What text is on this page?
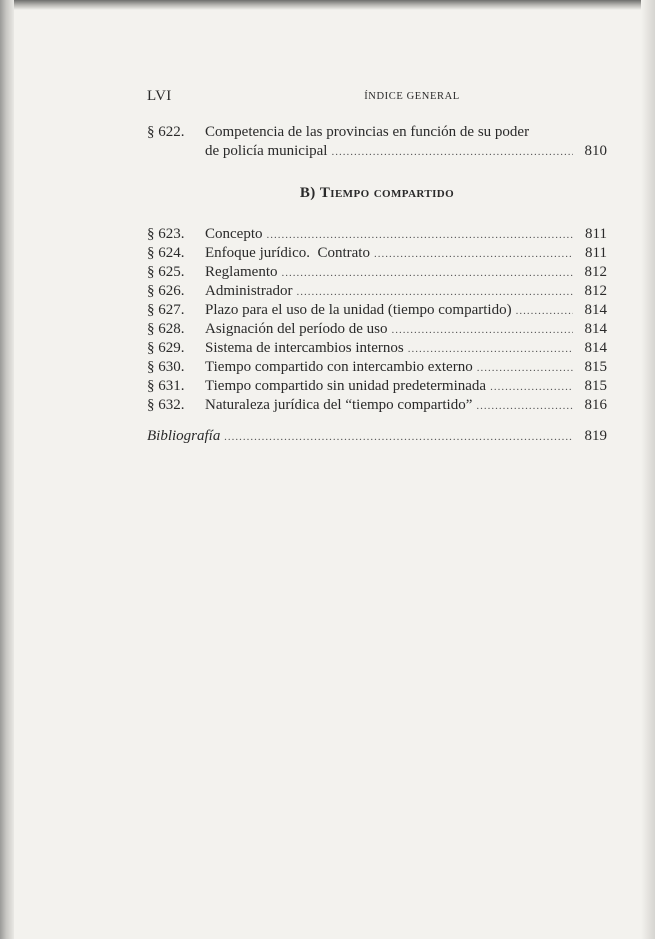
LVI	ÍNDICE GENERAL
§ 622. Competencia de las provincias en función de su poder
de policía municipal .....	810
B) Tiempo compartido
§ 623. Concepto .....	811
§ 624. Enfoque jurídico.  Contrato .....	811
§ 625. Reglamento .....	812
§ 626. Administrador .....	812
§ 627. Plazo para el uso de la unidad (tiempo compartido) .....	814
§ 628. Asignación del período de uso .....	814
§ 629. Sistema de intercambios internos .....	814
§ 630. Tiempo compartido con intercambio externo .....	815
§ 631. Tiempo compartido sin unidad predeterminada .....	815
§ 632. Naturaleza jurídica del “tiempo compartido” .....	816
Bibliografía .....	819
